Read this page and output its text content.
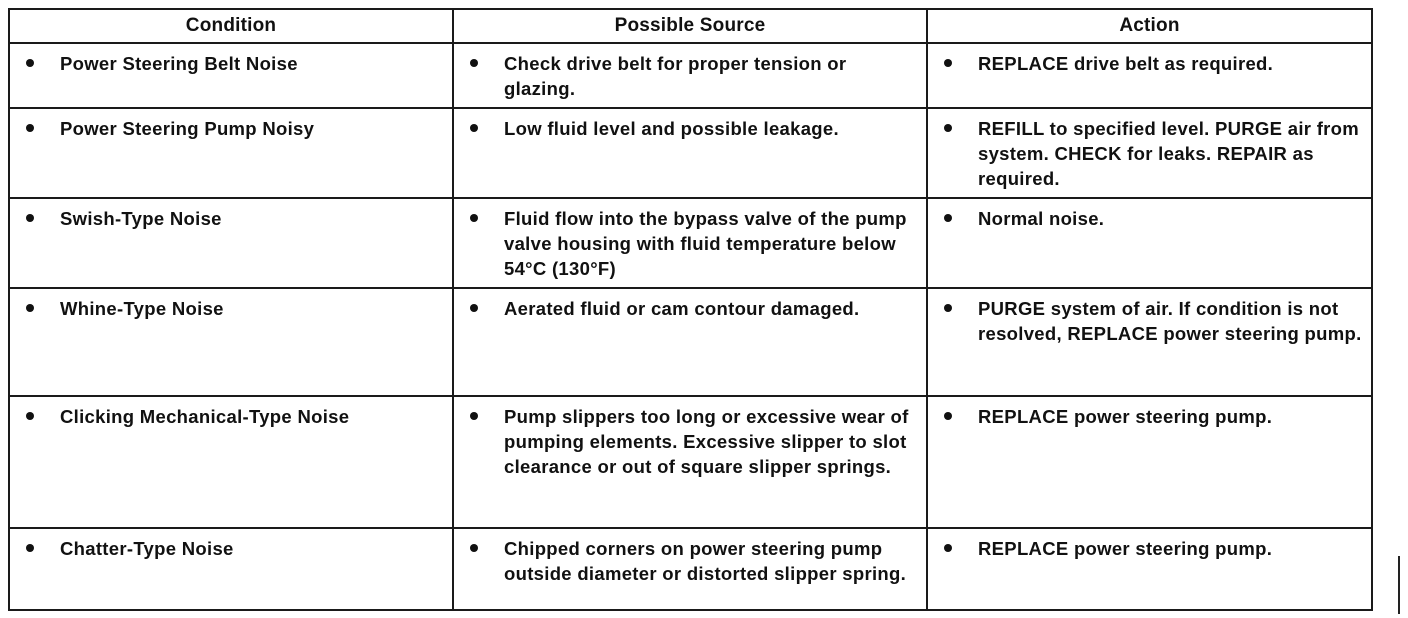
Condition	Possible Source	Action

Power Steering Belt Noise	Check drive belt for proper tension or glazing.	REPLACE drive belt as required.

Power Steering Pump Noisy	Low fluid level and possible leakage.	REFILL to specified level. PURGE air from system. CHECK for leaks. REPAIR as required.

Swish-Type Noise	Fluid flow into the bypass valve of the pump valve housing with fluid temperature below 54°C (130°F)	Normal noise.

Whine-Type Noise	Aerated fluid or cam contour damaged.	PURGE system of air. If condition is not resolved, REPLACE power steering pump.

Clicking Mechanical-Type Noise	Pump slippers too long or excessive wear of pumping elements. Excessive slipper to slot clearance or out of square slipper springs.	REPLACE power steering pump.

Chatter-Type Noise	Chipped corners on power steering pump outside diameter or distorted slipper spring.	REPLACE power steering pump.
